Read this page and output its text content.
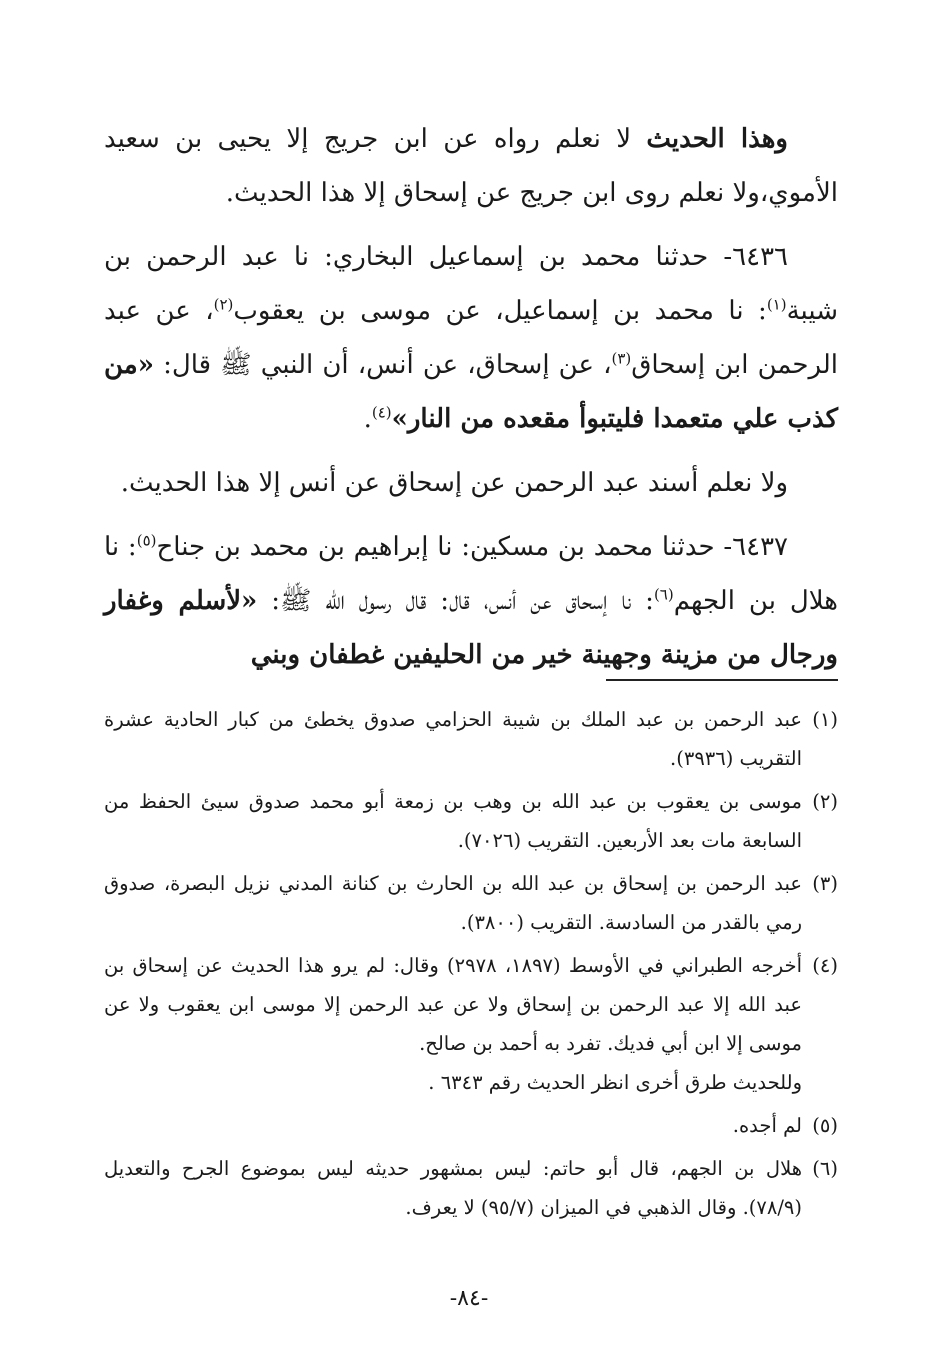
وهذا الحديث لا نعلم رواه عن ابن جريج إلا يحيى بن سعيد الأموي،ولا نعلم روى ابن جريج عن إسحاق إلا هذا الحديث.

٦٤٣٦- حدثنا محمد بن إسماعيل البخاري: نا عبد الرحمن بن شيبة$^{(١)}$: نا محمد بن إسماعيل، عن موسى بن يعقوب$^{(٢)}$، عن عبد الرحمن ابن إسحاق$^{(٣)}$، عن إسحاق، عن أنس، أن النبي ﷺ قال: «من كذب علي متعمدا فليتبوأ مقعده من النار»$^{(٤)}$.

ولا نعلم أسند عبد الرحمن عن إسحاق عن أنس إلا هذا الحديث.

٦٤٣٧- حدثنا محمد بن مسكين: نا إبراهيم بن محمد بن جناح$^{(٥)}$: نا هلال بن الجهم$^{(٦)}$: نا إسحاق عن أنس، قال: قال رسول الله ﷺ: «لأسلم وغفار ورجال من مزينة وجهينة خير من الحليفين غطفان وبني

(١)
عبد الرحمن بن عبد الملك بن شيبة الحزامي صدوق يخطئ من كبار الحادية عشرة التقريب (٣٩٣٦).
(٢)
موسى بن يعقوب بن عبد الله بن وهب بن زمعة أبو محمد صدوق سيئ الحفظ من السابعة مات بعد الأربعين. التقريب (٧٠٢٦).
(٣)
عبد الرحمن بن إسحاق بن عبد الله بن الحارث بن كنانة المدني نزيل البصرة، صدوق رمي بالقدر من السادسة. التقريب (٣٨٠٠).
(٤)
أخرجه الطبراني في الأوسط (١٨٩٧، ٢٩٧٨) وقال: لم يرو هذا الحديث عن إسحاق بن عبد الله إلا عبد الرحمن بن إسحاق ولا عن عبد الرحمن إلا موسى ابن يعقوب ولا عن موسى إلا ابن أبي فديك. تفرد به أحمد بن صالح.
وللحديث طرق أخرى انظر الحديث رقم ٦٣٤٣ .
(٥)
لم أجده.
(٦)
هلال بن الجهم، قال أبو حاتم: ليس بمشهور حديثه ليس بموضوع الجرح والتعديل (٧٨/٩). وقال الذهبي في الميزان (٩٥/٧) لا يعرف.
-٨٤-
